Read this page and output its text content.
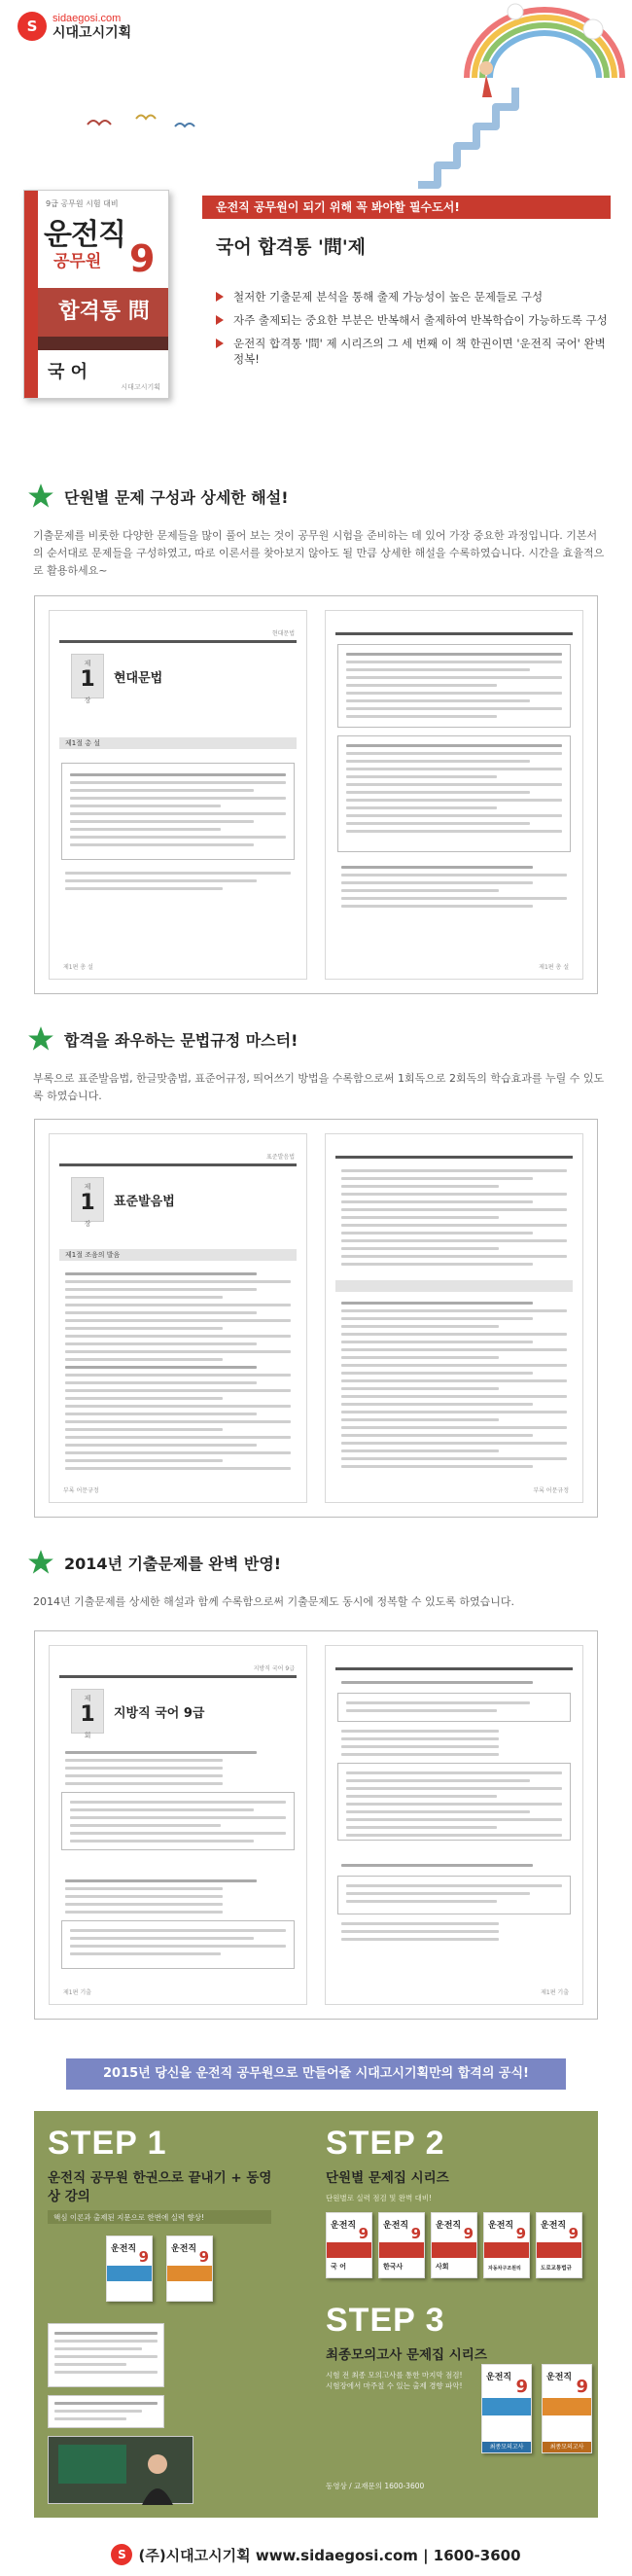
S	sidaegosi.com
시대고시기획
9급 공무원 시험 대비
운전직
공무원 9
합격통 問
국 어
시대고시기획
운전직 공무원이 되기 위해 꼭 봐야할 필수도서!
국어 합격통 '問'제
철저한 기출문제 분석을 통해 출제 가능성이 높은 문제들로 구성
자주 출제되는 중요한 부분은 반복해서 출제하여 반복학습이 가능하도록 구성
운전직 합격통 '問' 제 시리즈의 그 세 번째 이 책 한권이면 '운전직 국어' 완벽 정복!
단원별 문제 구성과 상세한 해설!
기출문제를 비롯한 다양한 문제들을 많이 풀어 보는 것이 공무원 시험을 준비하는 데 있어 가장 중요한 과정입니다. 기본서의 순서대로 문제들을 구성하였고, 따로 이론서를 찾아보지 않아도 될 만큼 상세한 해설을 수록하였습니다. 시간을 효율적으로 활용하세요~
현대문법
제
1
장
현대문법
제1절 총 설
제1편 총 설	제1편 총 설
합격을 좌우하는 문법규정 마스터!
부록으로 표준발음법, 한글맞춤법, 표준어규정, 띄어쓰기 방법을 수록함으로써 1회독으로 2회독의 학습효과를 누릴 수 있도록 하였습니다.
표준발음법
제
1
장
표준발음법
제1절 조음의 발음
부록 어문규정	부록 어문규정
2014년 기출문제를 완벽 반영!
2014년 기출문제를 상세한 해설과 함께 수록함으로써 기출문제도 동시에 정복할 수 있도록 하였습니다.
지방직 국어 9급
제
1
회
지방직 국어 9급
제1편 기출	제1편 기출
2015년 당신을 운전직 공무원으로 만들어줄 시대고시기획만의 합격의 공식!
STEP 1
운전직 공무원 한권으로 끝내기 + 동영상 강의
핵심 이론과 출제된 지문으로 한번에 실력 향상!
운전직 9	운전직 9
STEP 2
단원별 문제집 시리즈
단원별로 실력 점검 및 완벽 대비!
운전직 9
국 어
운전직 9
한국사
운전직 9
사회
운전직 9
자동차구조원리
운전직 9
도로교통법규
STEP 3
최종모의고사 문제집 시리즈
시험 전 최종 모의고사를 통한 마지막 점검! 시험장에서 마주칠 수 있는 출제 경향 파악!
동영상 / 교재문의 1600-3600
운전직 9
최종모의고사
운전직 9
최종모의고사
S (주)시대고시기획 www.sidaegosi.com | 1600-3600
